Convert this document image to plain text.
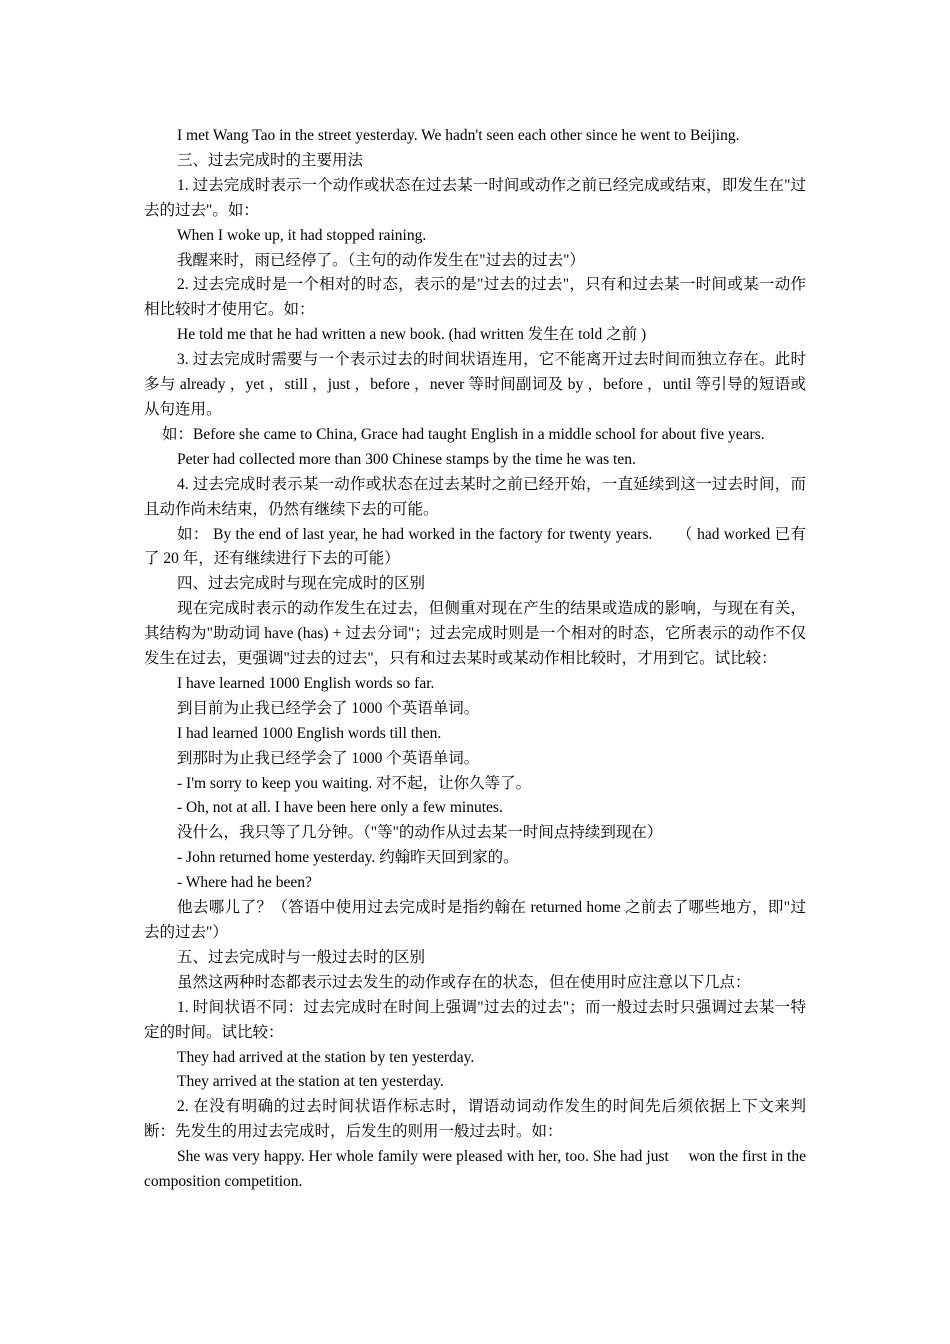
I met Wang Tao in the street yesterday. We hadn't seen each other since he went to Beijing.

三、过去完成时的主要用法

1. 过去完成时表示一个动作或状态在过去某一时间或动作之前已经完成或结束，即发生在"过去的过去"。如：

When I woke up, it had stopped raining.

我醒来时，雨已经停了。（主句的动作发生在"过去的过去"）

2. 过去完成时是一个相对的时态，表示的是"过去的过去"，只有和过去某一时间或某一动作相比较时才使用它。如：

He told me that he had written a new book. (had written 发生在 told 之前 )

3. 过去完成时需要与一个表示过去的时间状语连用，它不能离开过去时间而独立存在。此时多与 already ，yet ，still ，just ，before ，never 等时间副词及 by ，before ，until 等引导的短语或从句连用。

如：Before she came to China, Grace had taught English in a middle school for about five years.

Peter had collected more than 300 Chinese stamps by the time he was ten.

4. 过去完成时表示某一动作或状态在过去某时之前已经开始，一直延续到这一过去时间，而且动作尚未结束，仍然有继续下去的可能。

如： By the end of last year, he had worked in the factory for twenty years.　　（ had worked 已有了 20 年，还有继续进行下去的可能）

四、过去完成时与现在完成时的区别

现在完成时表示的动作发生在过去，但侧重对现在产生的结果或造成的影响，与现在有关，其结构为"助动词 have (has) + 过去分词"；过去完成时则是一个相对的时态，它所表示的动作不仅发生在过去，更强调"过去的过去"，只有和过去某时或某动作相比较时，才用到它。试比较：

I have learned 1000 English words so far.

到目前为止我已经学会了 1000 个英语单词。

I had learned 1000 English words till then.

到那时为止我已经学会了 1000 个英语单词。

- I'm sorry to keep you waiting. 对不起，让你久等了。

- Oh, not at all. I have been here only a few minutes.

没什么，我只等了几分钟。（"等"的动作从过去某一时间点持续到现在）

- John returned home yesterday. 约翰昨天回到家的。

- Where had he been?

他去哪儿了？（答语中使用过去完成时是指约翰在 returned home 之前去了哪些地方，即"过去的过去"）

五、过去完成时与一般过去时的区别

虽然这两种时态都表示过去发生的动作或存在的状态，但在使用时应注意以下几点：

1. 时间状语不同：过去完成时在时间上强调"过去的过去"；而一般过去时只强调过去某一特定的时间。试比较：

They had arrived at the station by ten yesterday.

They arrived at the station at ten yesterday.

2. 在没有明确的过去时间状语作标志时，谓语动词动作发生的时间先后须依据上下文来判断：先发生的用过去完成时，后发生的则用一般过去时。如：

She was very happy. Her whole family were pleased with her, too. She had just　 won the first in the composition competition.
